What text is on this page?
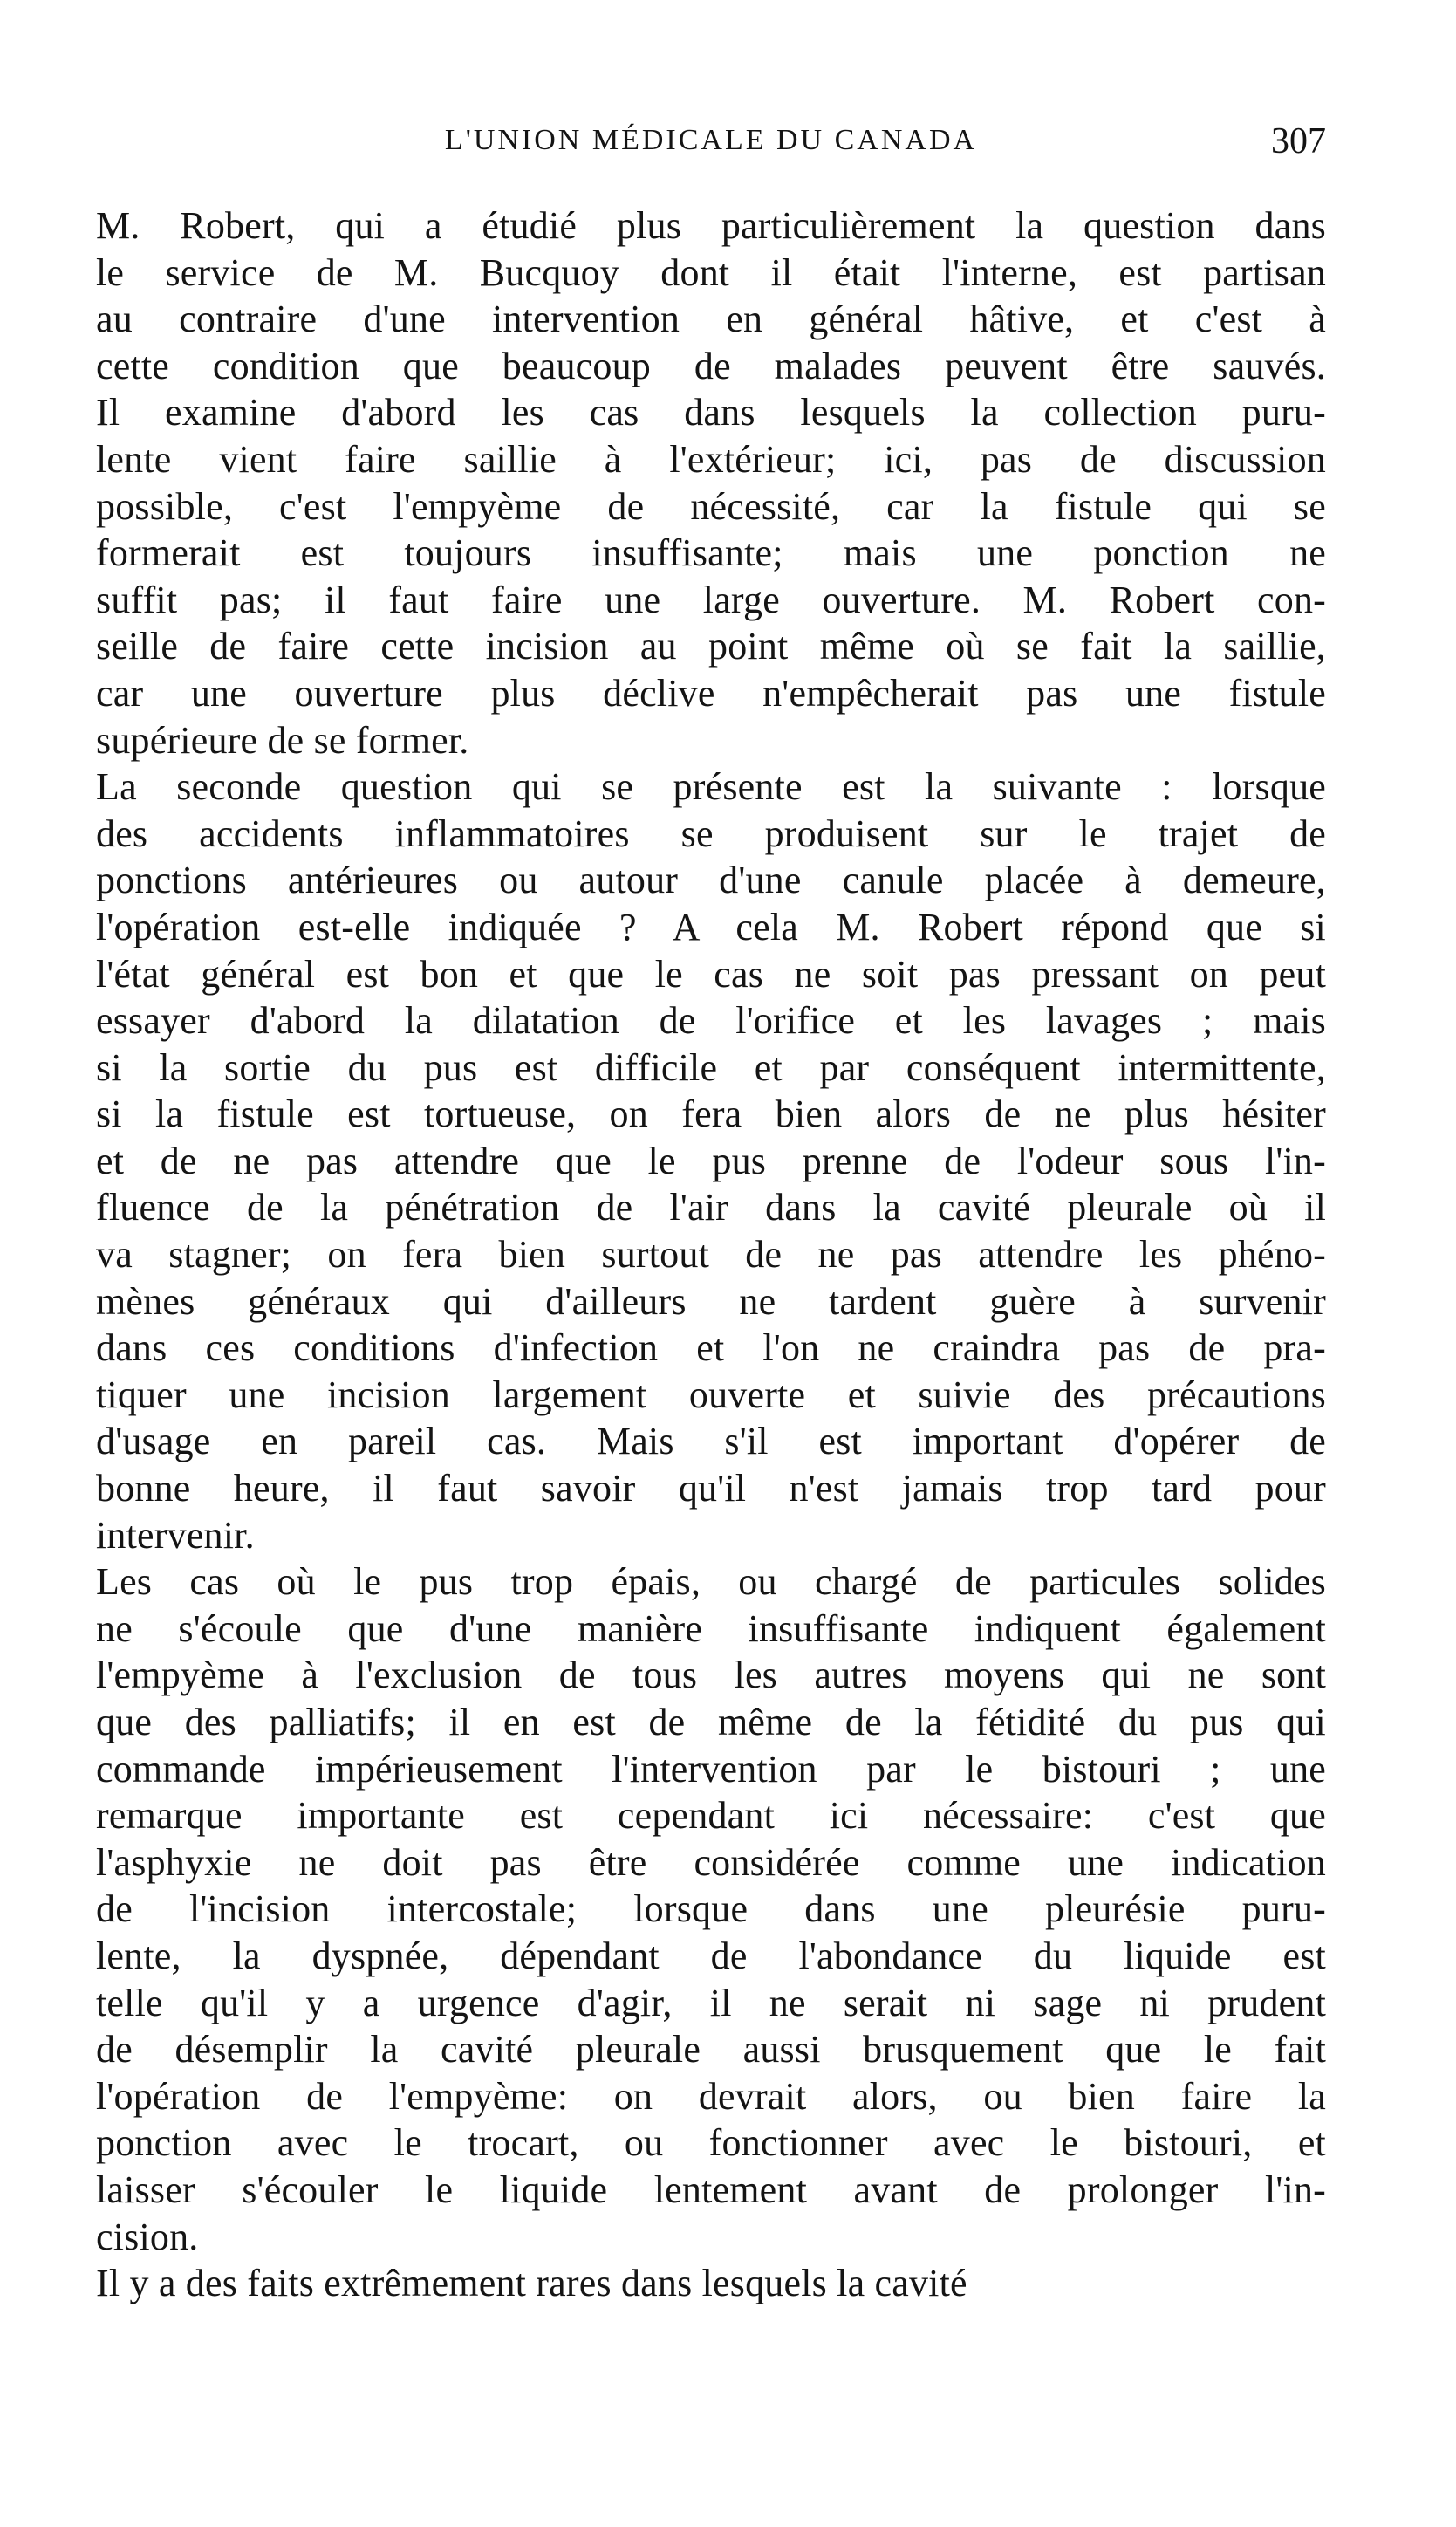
L'UNION MÉDICALE DU CANADA	307
M. Robert, qui a étudié plus particulièrement la question dans
le service de M. Bucquoy dont il était l'interne, est partisan
au contraire d'une intervention en général hâtive, et c'est à
cette condition que beaucoup de malades peuvent être sauvés.
Il examine d'abord les cas dans lesquels la collection puru-
lente vient faire saillie à l'extérieur; ici, pas de discussion
possible, c'est l'empyème de nécessité, car la fistule qui se
formerait est toujours insuffisante; mais une ponction ne
suffit pas; il faut faire une large ouverture. M. Robert con-
seille de faire cette incision au point même où se fait la saillie,
car une ouverture plus déclive n'empêcherait pas une fistule
supérieure de se former.
La seconde question qui se présente est la suivante : lorsque
des accidents inflammatoires se produisent sur le trajet de
ponctions antérieures ou autour d'une canule placée à demeure,
l'opération est-elle indiquée ? A cela M. Robert répond que si
l'état général est bon et que le cas ne soit pas pressant on peut
essayer d'abord la dilatation de l'orifice et les lavages ; mais
si la sortie du pus est difficile et par conséquent intermittente,
si la fistule est tortueuse, on fera bien alors de ne plus hésiter
et de ne pas attendre que le pus prenne de l'odeur sous l'in-
fluence de la pénétration de l'air dans la cavité pleurale où il
va stagner; on fera bien surtout de ne pas attendre les phéno-
mènes généraux qui d'ailleurs ne tardent guère à survenir
dans ces conditions d'infection et l'on ne craindra pas de pra-
tiquer une incision largement ouverte et suivie des précautions
d'usage en pareil cas. Mais s'il est important d'opérer de
bonne heure, il faut savoir qu'il n'est jamais trop tard pour
intervenir.
Les cas où le pus trop épais, ou chargé de particules solides
ne s'écoule que d'une manière insuffisante indiquent également
l'empyème à l'exclusion de tous les autres moyens qui ne sont
que des palliatifs; il en est de même de la fétidité du pus qui
commande impérieusement l'intervention par le bistouri ; une
remarque importante est cependant ici nécessaire: c'est que
l'asphyxie ne doit pas être considérée comme une indication
de l'incision intercostale; lorsque dans une pleurésie puru-
lente, la dyspnée, dépendant de l'abondance du liquide est
telle qu'il y a urgence d'agir, il ne serait ni sage ni prudent
de désemplir la cavité pleurale aussi brusquement que le fait
l'opération de l'empyème: on devrait alors, ou bien faire la
ponction avec le trocart, ou fonctionner avec le bistouri, et
laisser s'écouler le liquide lentement avant de prolonger l'in-
cision.
Il y a des faits extrêmement rares dans lesquels la cavité
